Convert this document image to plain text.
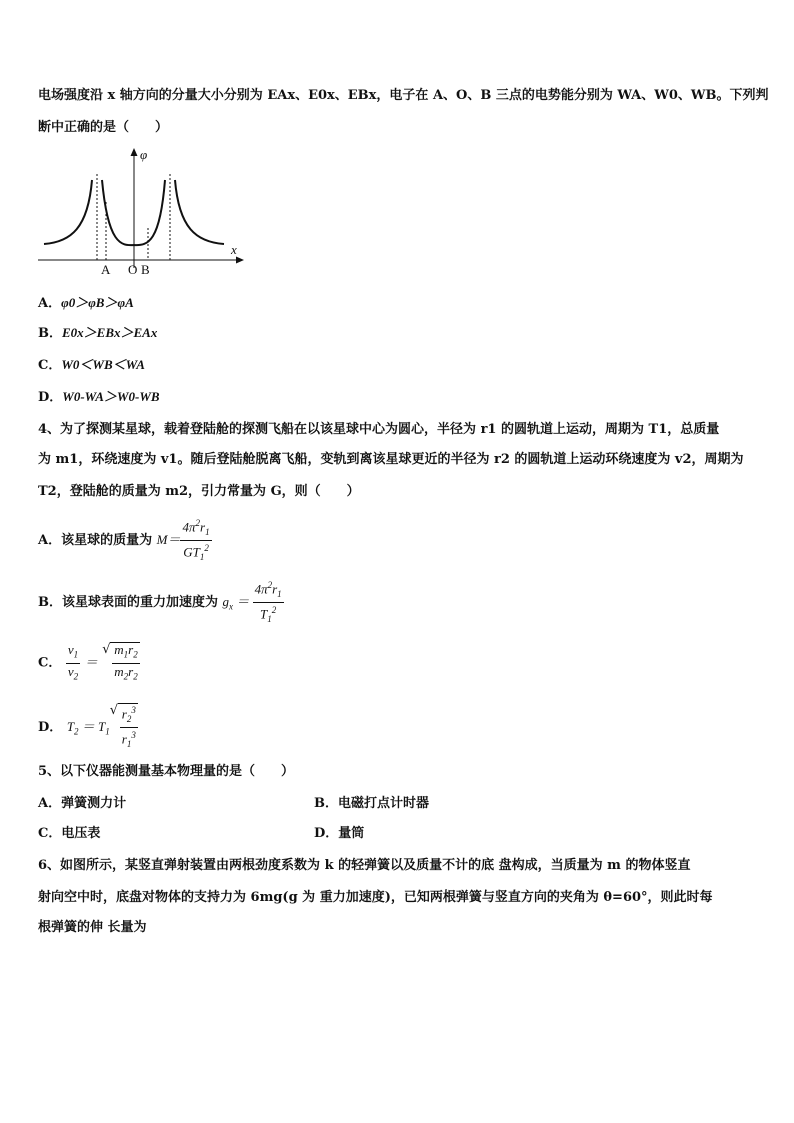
电场强度沿 x 轴方向的分量大小分别为 EAx、E0x、EBx，电子在 A、O、B 三点的电势能分别为 WA、W0、WB。下列判
断中正确的是（　　）
φ
x
A O B
A．φ0＞φB＞φA
B．E0x＞EBx＞EAx
C．W0＜WB＜WA
D．W0-WA＞W0-WB
4、为了探测某星球，载着登陆舱的探测飞船在以该星球中心为圆心，半径为 r1 的圆轨道上运动，周期为 T1，总质量
为 m1，环绕速度为 v1。随后登陆舱脱离飞船，变轨到离该星球更近的半径为 r2 的圆轨道上运动环绕速度为 v2，周期为
T2，登陆舱的质量为 m2，引力常量为 G，则（　　）
A．该星球的质量为 $M= \frac{4\pi^2r_1}{GT_1^2}$
B．该星球表面的重力加速度为 $g_x = \frac{4\pi^2r_1}{T_1^2}$
C． $\frac{v_1}{v_2}$ ＝
√ $\frac{m_1r_2}{m_2r_2}$
D． $T_2 = T_1$
√ $\frac{r_2^3}{r_1^3}$
5、以下仪器能测量基本物理量的是（　　）
A．弹簧测力计	B．电磁打点计时器
C．电压表	D．量筒
6、如图所示，某竖直弹射装置由两根劲度系数为 k 的轻弹簧以及质量不计的底 盘构成，当质量为 m 的物体竖直
射向空中时，底盘对物体的支持力为 6mg(g 为 重力加速度)，已知两根弹簧与竖直方向的夹角为 θ=60°，则此时每
根弹簧的伸 长量为
